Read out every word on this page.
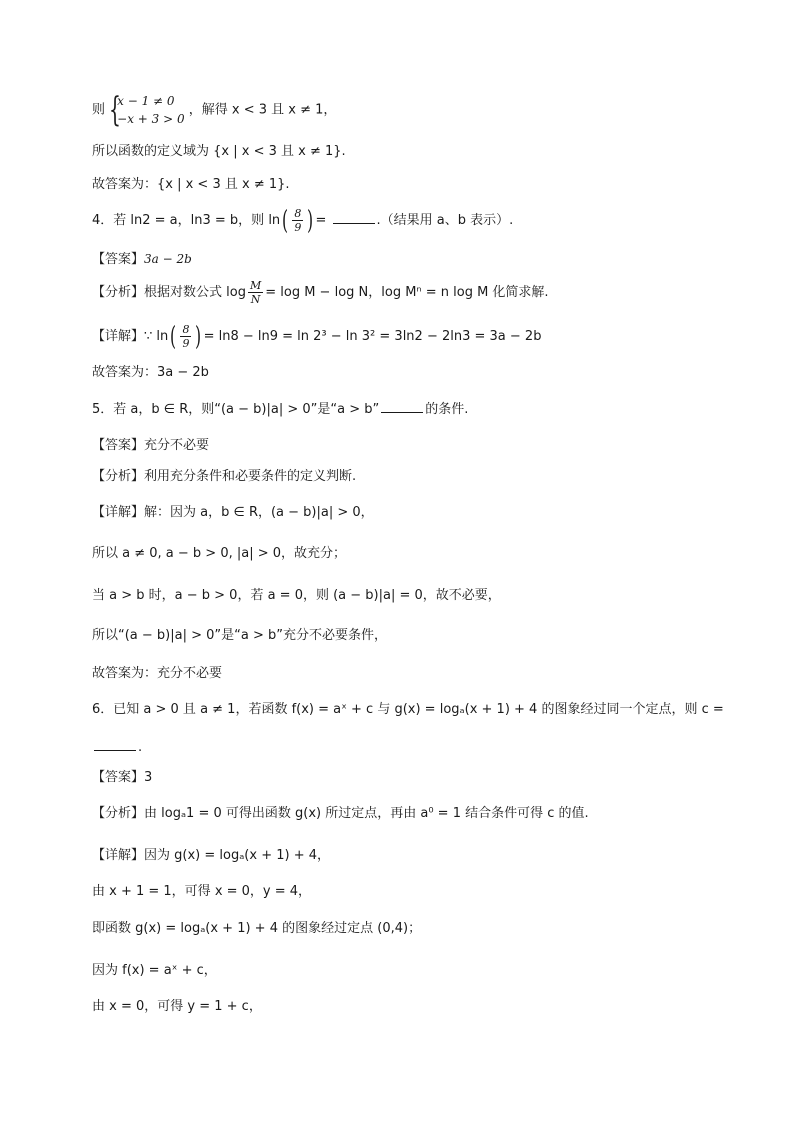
则 {
x − 1 ≠ 0
−x + 3 > 0
，解得 x < 3 且 x ≠ 1，
所以函数的定义域为 {x | x < 3 且 x ≠ 1}.
故答案为：{x | x < 3 且 x ≠ 1}.
4．若 ln2 = a，ln3 = b，则 $\ln( \frac{8}{9}$ ) =	.（结果用 a、b 表示）.
【答案】3a − 2b
【分析】根据对数公式 $\log \frac{M}{N} = \log M - \log N$，log Mⁿ = n log M 化简求解.
【详解】∵ $\ln( \frac{8}{9}$ ) = ln8 − ln9 = ln 2³ − ln 3² = 3ln2 − 2ln3 = 3a − 2b
故答案为：3a − 2b
5．若 a，b ∈ R，则“(a − b)|a| > 0”是“a > b”	的条件.
【答案】充分不必要
【分析】利用充分条件和必要条件的定义判断.
【详解】解：因为 a，b ∈ R，(a − b)|a| > 0，
所以 a ≠ 0, a − b > 0, |a| > 0，故充分；
当 a > b 时，a − b > 0，若 a = 0，则 (a − b)|a| = 0，故不必要，
所以“(a − b)|a| > 0”是“a > b”充分不必要条件，
故答案为：充分不必要
6．已知 a > 0 且 a ≠ 1，若函数 f(x) = aˣ + c 与 g(x) = logₐ(x + 1) + 4 的图象经过同一个定点，则 c =
.
【答案】3
【分析】由 logₐ1 = 0 可得出函数 g(x) 所过定点，再由 a⁰ = 1 结合条件可得 c 的值.
【详解】因为 g(x) = logₐ(x + 1) + 4，
由 x + 1 = 1，可得 x = 0，y = 4，
即函数 g(x) = logₐ(x + 1) + 4 的图象经过定点 (0,4)；
因为 f(x) = aˣ + c，
由 x = 0，可得 y = 1 + c，
